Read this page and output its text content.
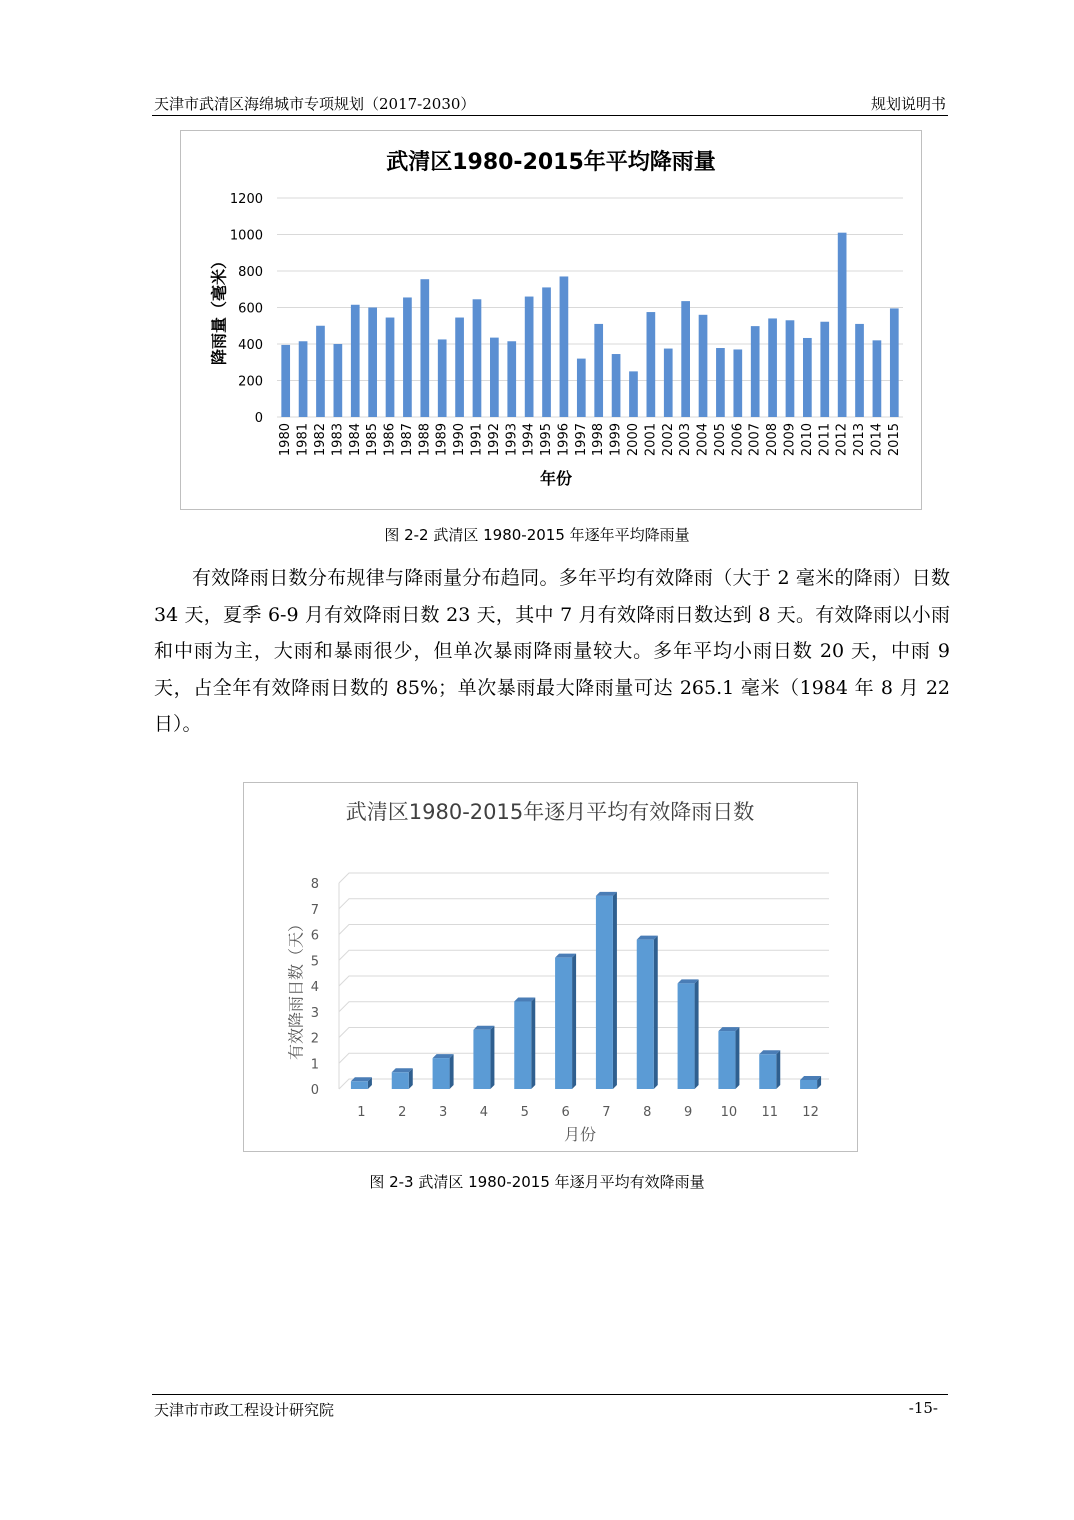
天津市武清区海绵城市专项规划（2017-2030）	规划说明书
武清区1980-2015年平均降雨量
0
200
400
600
800
1000
1200
1980 1981 1982 1983 1984 1985 1986 1987 1988 1989 1990 1991 1992 1993 1994 1995 1996 1997 1998 1999 2000 2001 2002 2003 2004 2005 2006 2007 2008 2009 2010 2011 2012 2013 2014 2015
年份
降雨量（毫米）
图 2-2 武清区 1980-2015 年逐年平均降雨量

有效降雨日数分布规律与降雨量分布趋同。多年平均有效降雨（大于 2 毫米的降雨）日数 34 天，夏季 6-9 月有效降雨日数 23 天，其中 7 月有效降雨日数达到 8 天。有效降雨以小雨和中雨为主，大雨和暴雨很少，但单次暴雨降雨量较大。多年平均小雨日数 20 天，中雨 9 天，占全年有效降雨日数的 85%；单次暴雨最大降雨量可达 265.1 毫米（1984 年 8 月 22 日）。

武清区1980-2015年逐月平均有效降雨日数
0
1
2
3
4
5
6
7
8
1	2	3	4	5	6	7	8	9 10 11 12
月份
有效降雨日数（天）
图 2-3 武清区 1980-2015 年逐月平均有效降雨量
天津市市政工程设计研究院	-15-
